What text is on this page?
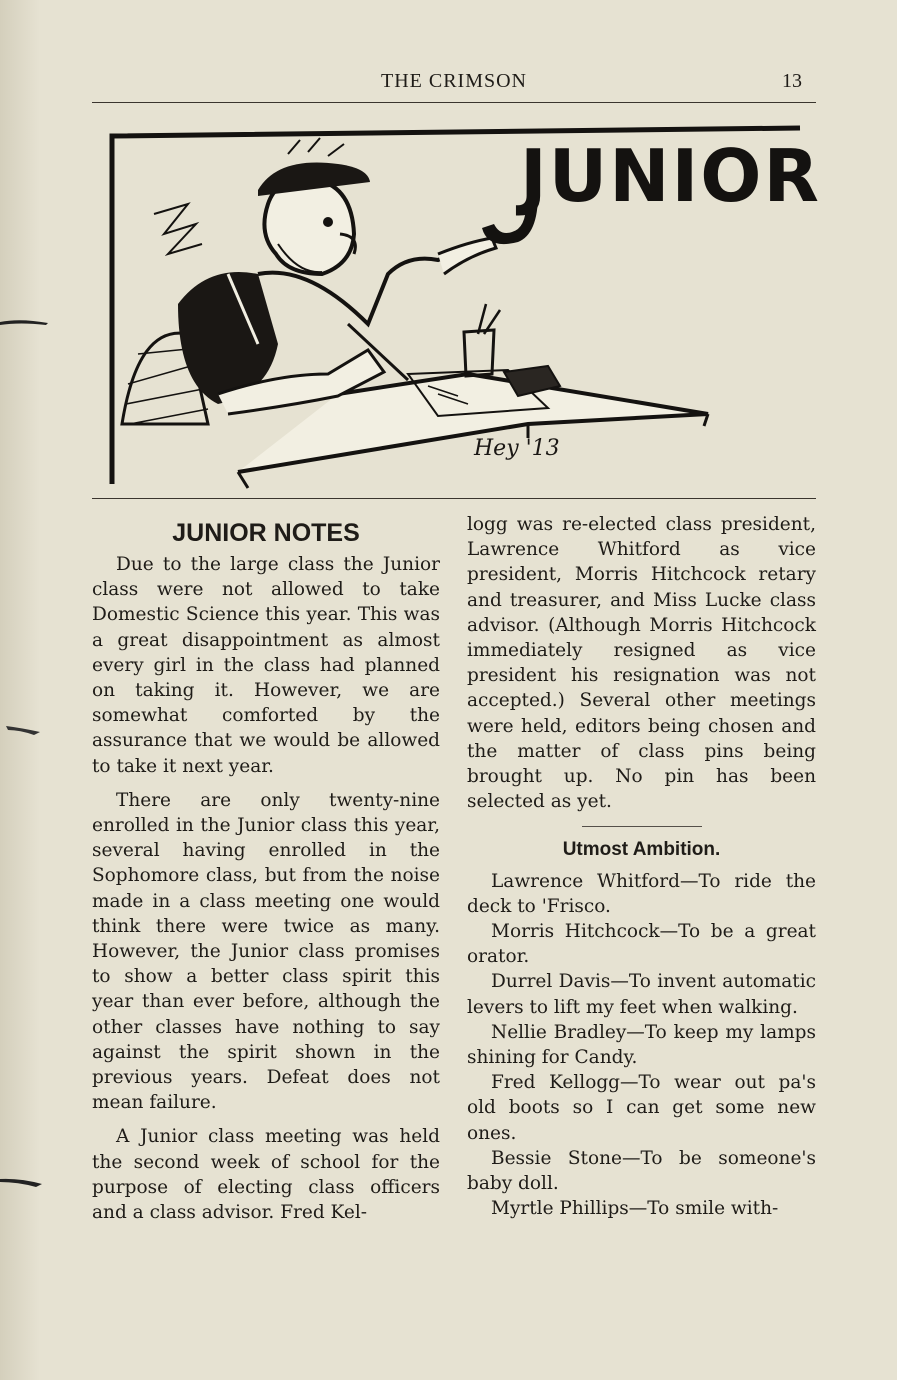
THE CRIMSON	13
JUNIOR
Hey '13
JUNIOR NOTES

Due to the large class the Junior class were not allowed to take Domestic Science this year. This was a great disappointment as almost every girl in the class had planned on taking it. However, we are somewhat comforted by the assurance that we would be allowed to take it next year.

There are only twenty-nine enrolled in the Junior class this year, several having enrolled in the Sophomore class, but from the noise made in a class meeting one would think there were twice as many. However, the Junior class promises to show a better class spirit this year than ever before, although the other classes have nothing to say against the spirit shown in the previous years. Defeat does not mean failure.

A Junior class meeting was held the second week of school for the purpose of electing class officers and a class advisor. Fred Kel-

logg was re-elected class president, Lawrence Whitford as vice president, Morris Hitchcock retary and treasurer, and Miss Lucke class advisor. (Although Morris Hitchcock immediately resigned as vice president his resignation was not accepted.) Several other meetings were held, editors being chosen and the matter of class pins being brought up. No pin has been selected as yet.

Utmost Ambition.

Lawrence Whitford—To ride the deck to 'Frisco.

Morris Hitchcock—To be a great orator.

Durrel Davis—To invent automatic levers to lift my feet when walking.

Nellie Bradley—To keep my lamps shining for Candy.

Fred Kellogg—To wear out pa's old boots so I can get some new ones.

Bessie Stone—To be someone's baby doll.

Myrtle Phillips—To smile with-
